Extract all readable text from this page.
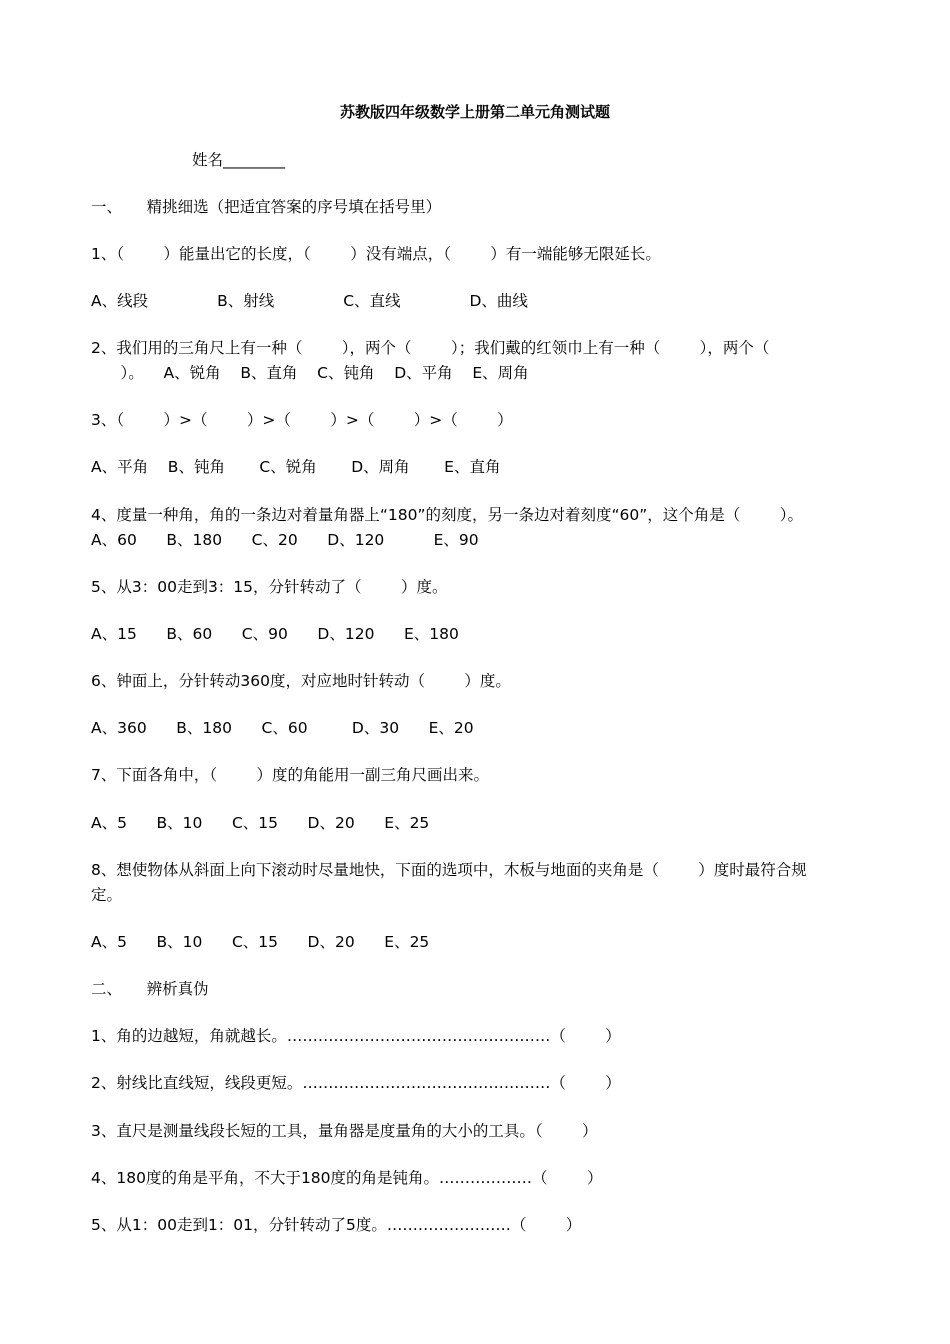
苏教版四年级数学上册第二单元角测试题
姓名________
一、     精挑细选（把适宜答案的序号填在括号里）
1、（        ）能量出它的长度，（        ）没有端点，（        ）有一端能够无限延长。
A、线段              B、射线              C、直线              D、曲线
2、我们用的三角尺上有一种（        ），两个（        ）；我们戴的红领巾上有一种（        ），两个（
）。    A、锐角    B、直角    C、钝角    D、平角    E、周角
3、（        ）>（        ）>（        ）>（        ）>（        ）
A、平角    B、钝角       C、锐角       D、周角       E、直角
4、度量一种角，角的一条边对着量角器上“180”的刻度，另一条边对着刻度“60”，这个角是（        ）。
A、60      B、180      C、20      D、120          E、90
5、从3：00走到3：15，分针转动了（        ）度。
A、15      B、60      C、90      D、120      E、180
6、钟面上，分针转动360度，对应地时针转动（        ）度。
A、360      B、180      C、60         D、30      E、20
7、下面各角中，（        ）度的角能用一副三角尺画出来。
A、5      B、10      C、15      D、20      E、25
8、想使物体从斜面上向下滚动时尽量地快，下面的选项中，木板与地面的夹角是（        ）度时最符合规
定。
A、5      B、10      C、15      D、20      E、25
二、     辨析真伪
1、角的边越短，角就越长。……………………………………………（        ）
2、射线比直线短，线段更短。…………………………………………（        ）
3、直尺是测量线段长短的工具，量角器是度量角的大小的工具。（        ）
4、180度的角是平角，不大于180度的角是钝角。………………（        ）
5、从1：00走到1：01，分针转动了5度。……………………（        ）
